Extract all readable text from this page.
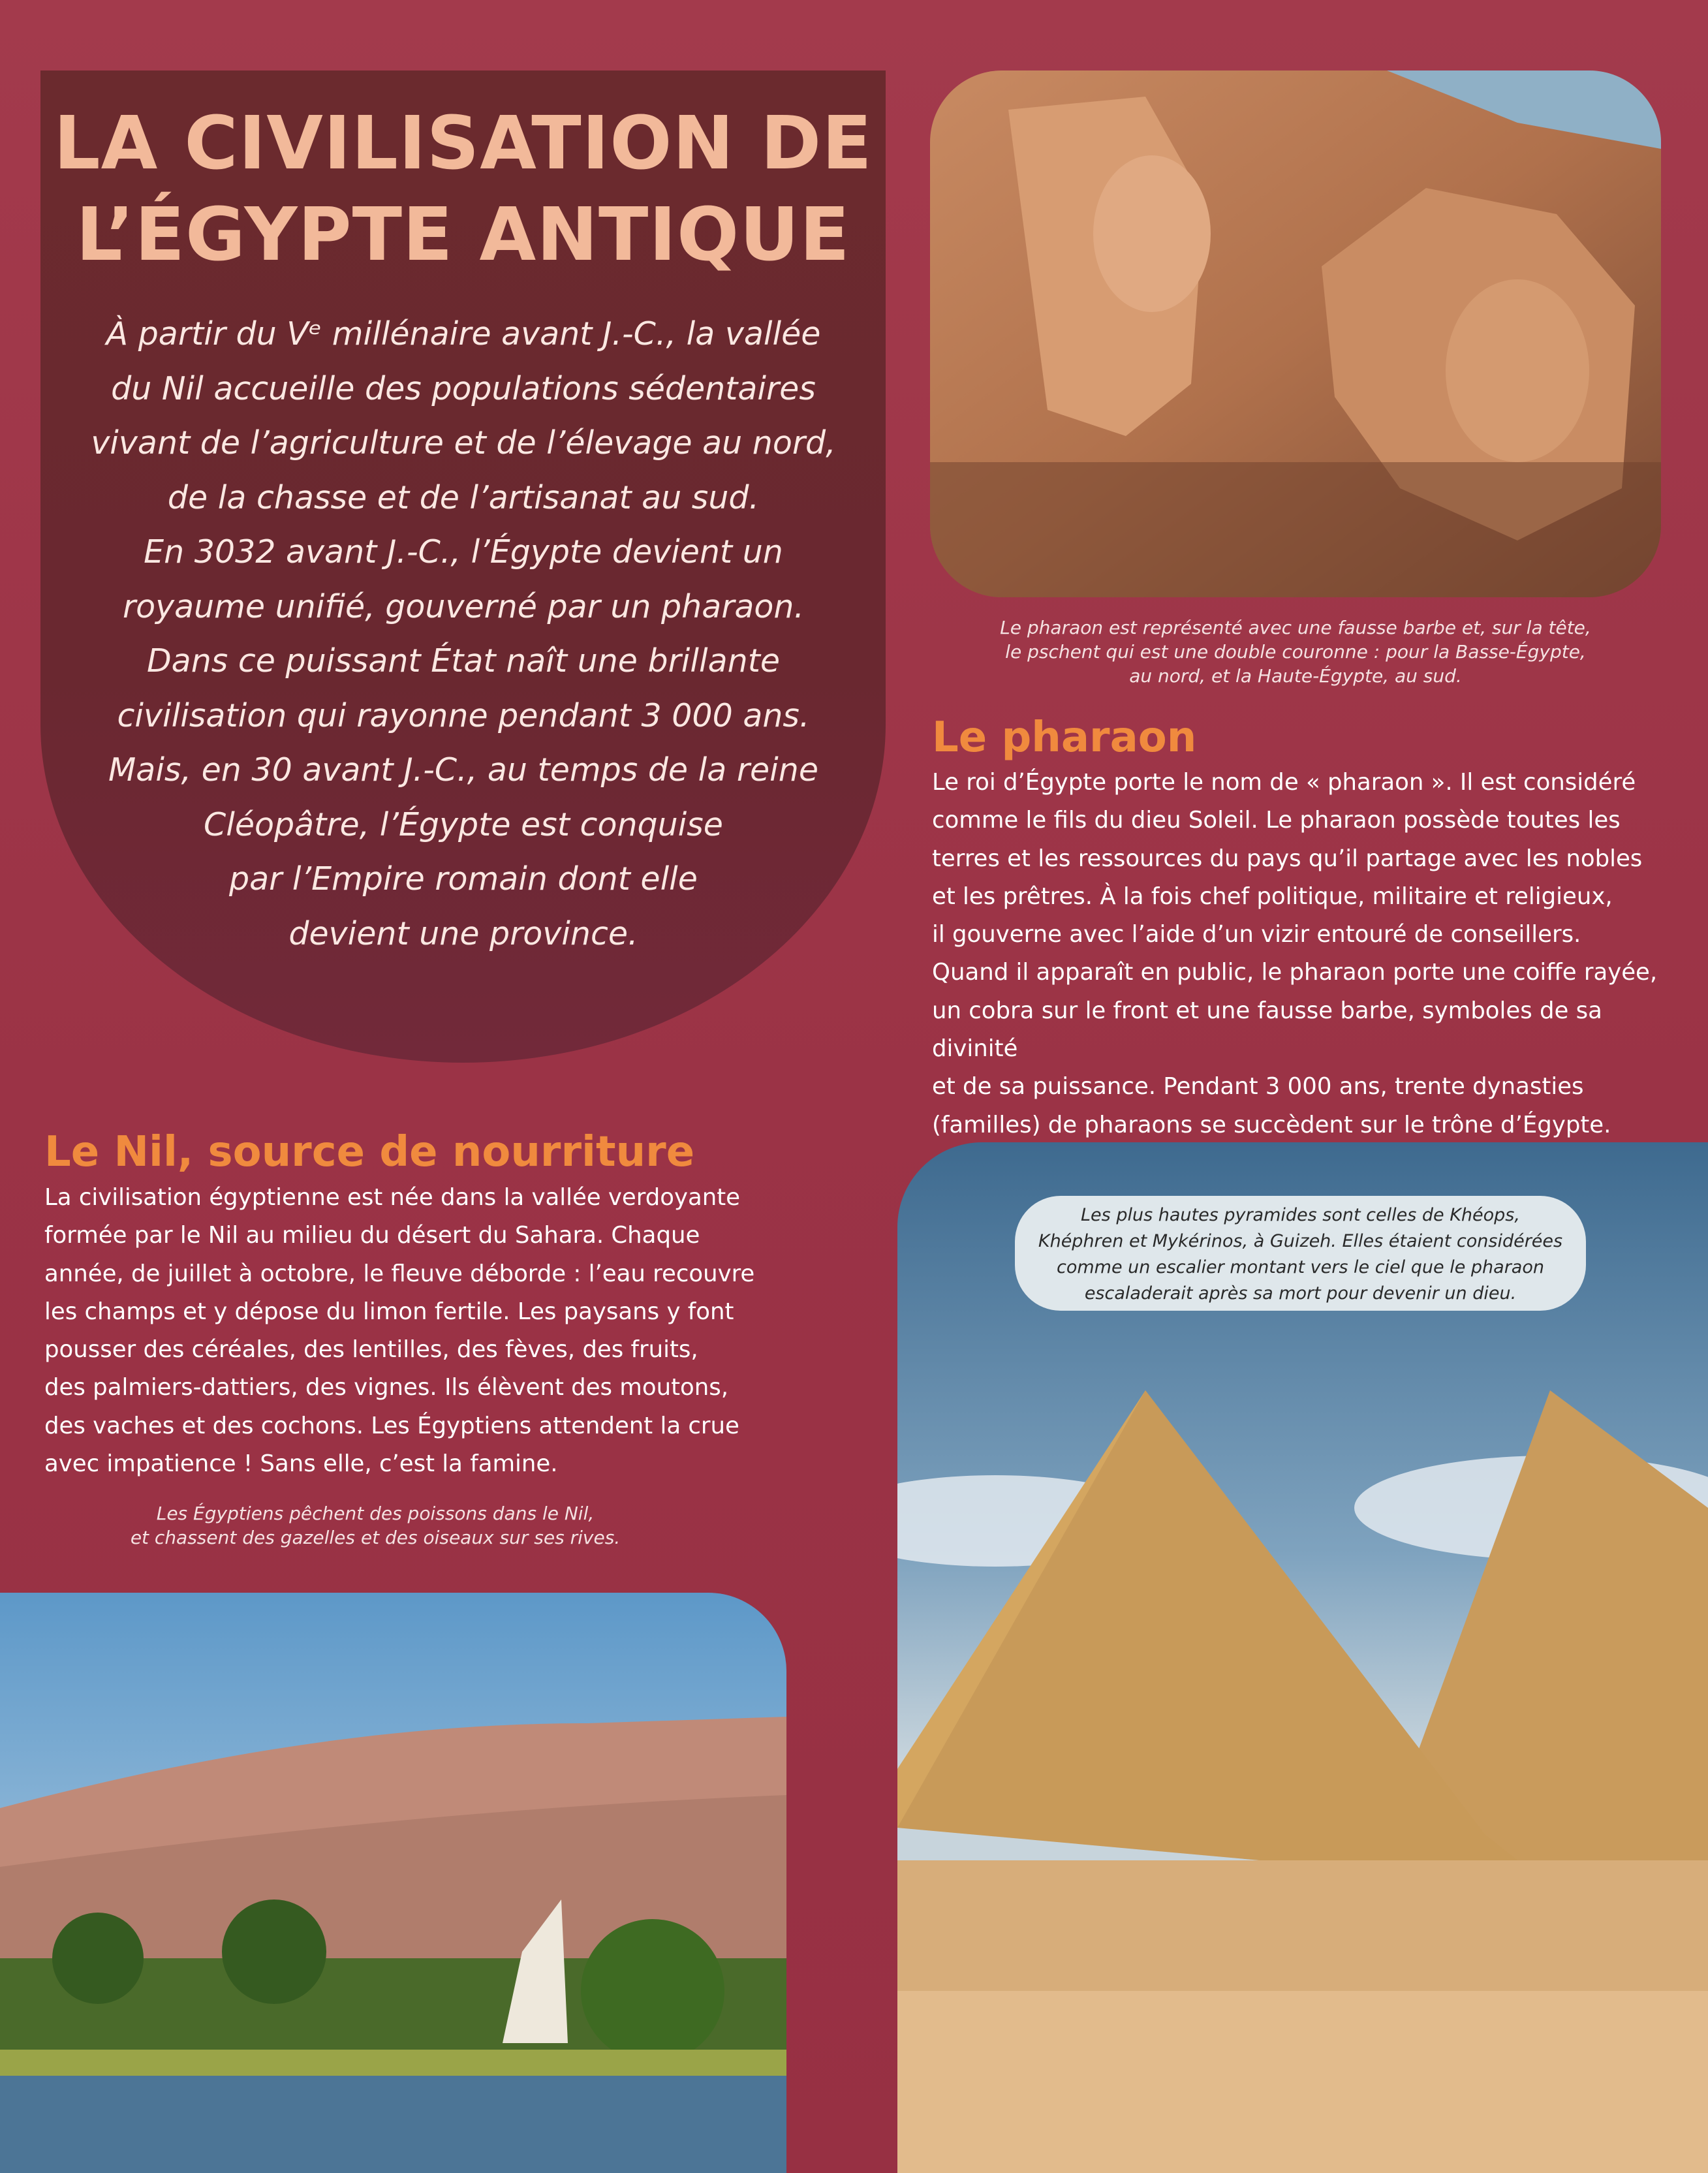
LA CIVILISATION DE
L’ÉGYPTE ANTIQUE
À partir du Vᵉ millénaire avant J.-C., la vallée
du Nil accueille des populations sédentaires
vivant de l’agriculture et de l’élevage au nord,
de la chasse et de l’artisanat au sud.
En 3032 avant J.-C., l’Égypte devient un
royaume unifié, gouverné par un pharaon.
Dans ce puissant État naît une brillante
civilisation qui rayonne pendant 3 000 ans.
Mais, en 30 avant J.-C., au temps de la reine
Cléopâtre, l’Égypte est conquise
par l’Empire romain dont elle
devient une province.
Le pharaon est représenté avec une fausse barbe et, sur la tête,
le pschent qui est une double couronne : pour la Basse-Égypte,
au nord, et la Haute-Égypte, au sud.
Le pharaon
Le roi d’Égypte porte le nom de « pharaon ». Il est considéré
comme le fils du dieu Soleil. Le pharaon possède toutes les
terres et les ressources du pays qu’il partage avec les nobles
et les prêtres. À la fois chef politique, militaire et religieux,
il gouverne avec l’aide d’un vizir entouré de conseillers.
Quand il apparaît en public, le pharaon porte une coiffe rayée,
un cobra sur le front et une fausse barbe, symboles de sa divinité
et de sa puissance. Pendant 3 000 ans, trente dynasties
(familles) de pharaons se succèdent sur le trône d’Égypte.
Le Nil, source de nourriture
La civilisation égyptienne est née dans la vallée verdoyante
formée par le Nil au milieu du désert du Sahara. Chaque
année, de juillet à octobre, le fleuve déborde : l’eau recouvre
les champs et y dépose du limon fertile. Les paysans y font
pousser des céréales, des lentilles, des fèves, des fruits,
des palmiers-dattiers, des vignes. Ils élèvent des moutons,
des vaches et des cochons. Les Égyptiens attendent la crue
avec impatience ! Sans elle, c’est la famine.
Les Égyptiens pêchent des poissons dans le Nil,
et chassent des gazelles et des oiseaux sur ses rives.
Les plus hautes pyramides sont celles de Khéops,
Khéphren et Mykérinos, à Guizeh. Elles étaient considérées
comme un escalier montant vers le ciel que le pharaon
escaladerait après sa mort pour devenir un dieu.
